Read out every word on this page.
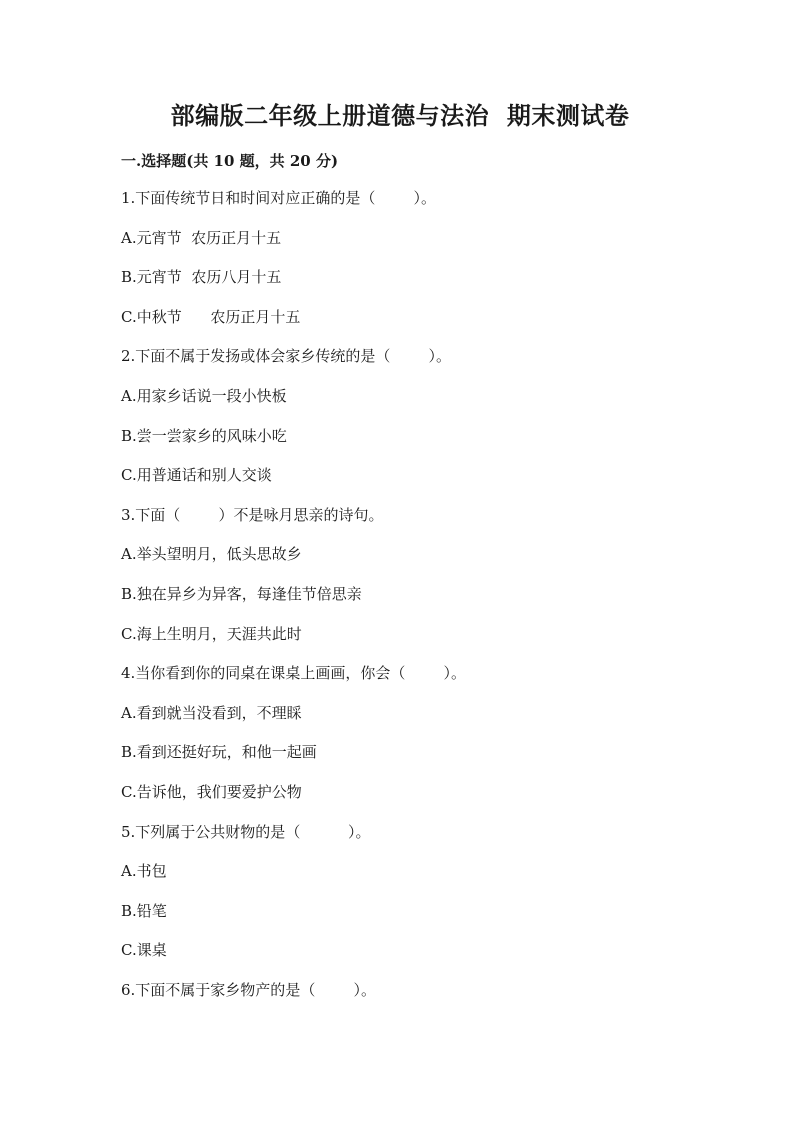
部编版二年级上册道德与法治  期末测试卷
一.选择题(共 10 题，共 20 分)
1.下面传统节日和时间对应正确的是（        ）。
A.元宵节  农历正月十五
B.元宵节  农历八月十五
C.中秋节      农历正月十五
2.下面不属于发扬或体会家乡传统的是（        ）。
A.用家乡话说一段小快板
B.尝一尝家乡的风味小吃
C.用普通话和别人交谈
3.下面（        ）不是咏月思亲的诗句。
A.举头望明月，低头思故乡
B.独在异乡为异客，每逢佳节倍思亲
C.海上生明月，天涯共此时
4.当你看到你的同桌在课桌上画画，你会（        ）。
A.看到就当没看到，不理睬
B.看到还挺好玩，和他一起画
C.告诉他，我们要爱护公物
5.下列属于公共财物的是（          ）。
A.书包
B.铅笔
C.课桌
6.下面不属于家乡物产的是（        ）。
